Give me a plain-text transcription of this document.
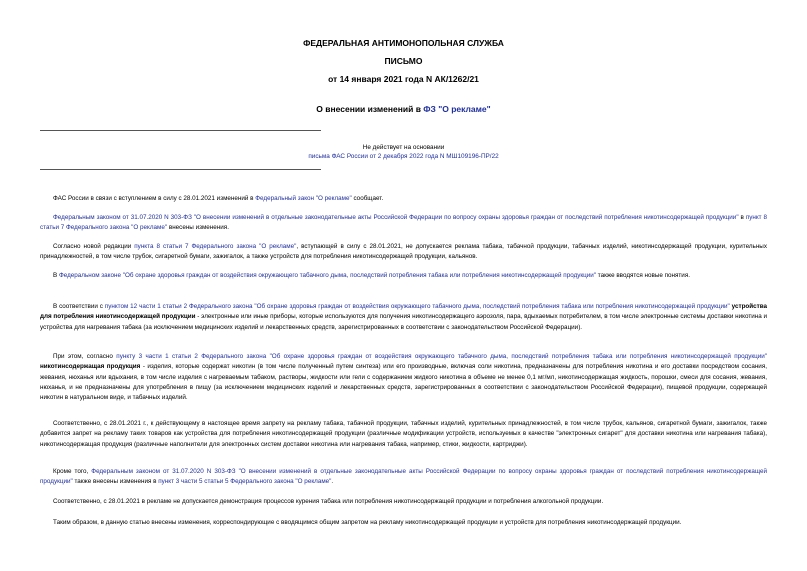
ФЕДЕРАЛЬНАЯ АНТИМОНОПОЛЬНАЯ СЛУЖБА
ПИСЬМО
от 14 января 2021 года N АК/1262/21
О внесении изменений в ФЗ "О рекламе"
Не действует на основании
письма ФАС России от 2 декабря 2022 года N МШ109196-ПР/22
ФАС России в связи с вступлением в силу с 28.01.2021 изменений в Федеральный закон "О рекламе" сообщает.
Федеральным законом от 31.07.2020 N 303-ФЗ "О внесении изменений в отдельные законодательные акты Российской Федерации по вопросу охраны здоровья граждан от последствий потребления никотинсодержащей продукции" в пункт 8 статьи 7 Федерального закона "О рекламе" внесены изменения.
Согласно новой редакции пункта 8 статьи 7 Федерального закона "О рекламе", вступающей в силу с 28.01.2021, не допускается реклама табака, табачной продукции, табачных изделий, никотинсодержащей продукции, курительных принадлежностей, в том числе трубок, сигаретной бумаги, зажигалок, а также устройств для потребления никотинсодержащей продукции, кальянов.
В Федеральном законе "Об охране здоровья граждан от воздействия окружающего табачного дыма, последствий потребления табака или потребления никотинсодержащей продукции" также вводятся новые понятия.
В соответствии с пунктом 12 части 1 статьи 2 Федерального закона "Об охране здоровья граждан от воздействия окружающего табачного дыма, последствий потребления табака или потребления никотинсодержащей продукции" устройства для потребления никотинсодержащей продукции - электронные или иные приборы, которые используются для получения никотинсодержащего аэрозоля, пара, вдыхаемых потребителем, в том числе электронные системы доставки никотина и устройства для нагревания табака (за исключением медицинских изделий и лекарственных средств, зарегистрированных в соответствии с законодательством Российской Федерации).
При этом, согласно пункту 3 части 1 статьи 2 Федерального закона "Об охране здоровья граждан от воздействия окружающего табачного дыма, последствий потребления табака или потребления никотинсодержащей продукции" никотинсодержащая продукция - изделия, которые содержат никотин (в том числе полученный путем синтеза) или его производные, включая соли никотина, предназначены для потребления никотина и его доставки посредством сосания, жевания, нюханья или вдыхания, в том числе изделия с нагреваемым табаком, растворы, жидкости или гели с содержанием жидкого никотина в объеме не менее 0,1 мг/мл, никотинсодержащая жидкость, порошки, смеси для сосания, жевания, нюханья, и не предназначены для употребления в пищу (за исключением медицинских изделий и лекарственных средств, зарегистрированных в соответствии с законодательством Российской Федерации), пищевой продукции, содержащей никотин в натуральном виде, и табачных изделий.
Соответственно, с 28.01.2021 г., к действующему в настоящее время запрету на рекламу табака, табачной продукции, табачных изделий, курительных принадлежностей, в том числе трубок, кальянов, сигаретной бумаги, зажигалок, также добавится запрет на рекламу таких товаров как устройства для потребления никотинсодержащей продукции (различные модификации устройств, используемых в качестве "электронных сигарет" для доставки никотина или нагревания табака), никотинсодержащая продукция (различные наполнители для электронных систем доставки никотина или нагревания табака, например, стики, жидкости, картриджи).
Кроме того, Федеральным законом от 31.07.2020 N 303-ФЗ "О внесении изменений в отдельные законодательные акты Российской Федерации по вопросу охраны здоровья граждан от последствий потребления никотинсодержащей продукции" также внесены изменения в пункт 3 части 5 статьи 5 Федерального закона "О рекламе".
Соответственно, с 28.01.2021 в рекламе не допускается демонстрация процессов курения табака или потребления никотинсодержащей продукции и потребления алкогольной продукции.
Таким образом, в данную статью внесены изменения, корреспондирующие с вводящимся общим запретом на рекламу никотинсодержащей продукции и устройств для потребления никотинсодержащей продукции.
